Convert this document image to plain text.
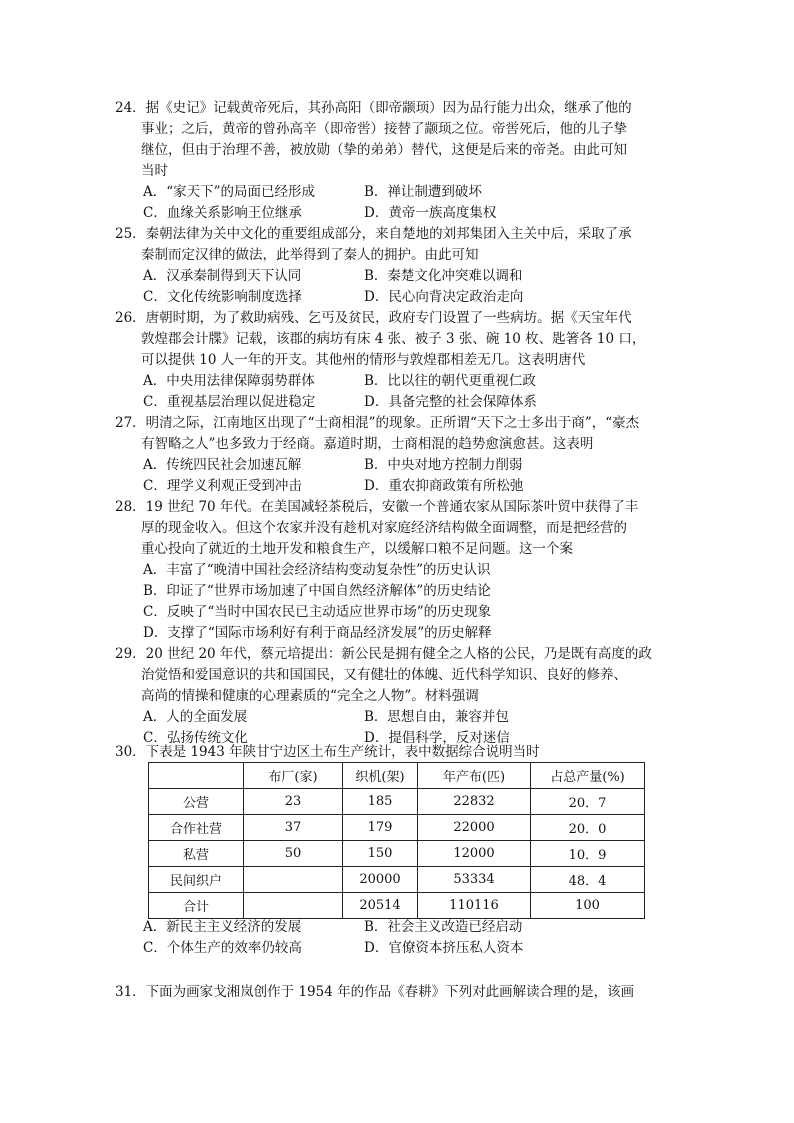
24．据《史记》记载黄帝死后，其孙高阳（即帝颛顼）因为品行能力出众，继承了他的
事业；之后，黄帝的曾孙高辛（即帝喾）接替了颛顼之位。帝喾死后，他的儿子挚
继位，但由于治理不善，被放勋（挚的弟弟）替代，这便是后来的帝尧。由此可知
当时
A．“家天下”的局面已经形成	B．禅让制遭到破坏
C．血缘关系影响王位继承	D．黄帝一族高度集权
25．秦朝法律为关中文化的重要组成部分，来自楚地的刘邦集团入主关中后，采取了承
秦制而定汉律的做法，此举得到了秦人的拥护。由此可知
A．汉承秦制得到天下认同	B．秦楚文化冲突难以调和
C．文化传统影响制度选择	D．民心向背决定政治走向
26．唐朝时期，为了救助病残、乞丐及贫民，政府专门设置了一些病坊。据《天宝年代
敦煌郡会计牒》记载，该郡的病坊有床 4 张、被子 3 张、碗 10 枚、匙箸各 10 口，
可以提供 10 人一年的开支。其他州的情形与敦煌郡相差无几。这表明唐代
A．中央用法律保障弱势群体	B．比以往的朝代更重视仁政
C．重视基层治理以促进稳定	D．具备完整的社会保障体系
27．明清之际，江南地区出现了“士商相混”的现象。正所谓“天下之士多出于商”，“豪杰
有智略之人”也多致力于经商。嘉道时期，士商相混的趋势愈演愈甚。这表明
A．传统四民社会加速瓦解	B．中央对地方控制力削弱
C．理学义利观正受到冲击	D．重农抑商政策有所松弛
28．19 世纪 70 年代。在美国减轻茶税后，安徽一个普通农家从国际茶叶贸中获得了丰
厚的现金收入。但这个农家并没有趁机对家庭经济结构做全面调整，而是把经营的
重心投向了就近的土地开发和粮食生产，以缓解口粮不足问题。这一个案
A．丰富了“晚清中国社会经济结构变动复杂性”的历史认识
B．印证了“世界市场加速了中国自然经济解体”的历史结论
C．反映了“当时中国农民已主动适应世界市场”的历史现象
D．支撑了“国际市场利好有利于商品经济发展”的历史解释
29．20 世纪 20 年代，蔡元培提出：新公民是拥有健全之人格的公民，乃是既有高度的政
治觉悟和爱国意识的共和国国民，又有健壮的体魄、近代科学知识、良好的修养、
高尚的情操和健康的心理素质的“完全之人物”。材料强调
A．人的全面发展	B．思想自由，兼容并包
C．弘扬传统文化	D．提倡科学，反对迷信
30．下表是 1943 年陕甘宁边区土布生产统计，表中数据综合说明当时
	布厂(家)	织机(架)	年产布(匹)	占总产量(%)
公营	23	185	22832	20．7
合作社营	37	179	22000	20．0
私营	50	150	12000	10．9
民间织户		20000	53334	48．4
合计		20514	110116	100
A．新民主主义经济的发展	B．社会主义改造已经启动
C．个体生产的效率仍较高	D．官僚资本挤压私人资本
31．下面为画家戈湘岚创作于 1954 年的作品《春耕》下列对此画解读合理的是，该画
